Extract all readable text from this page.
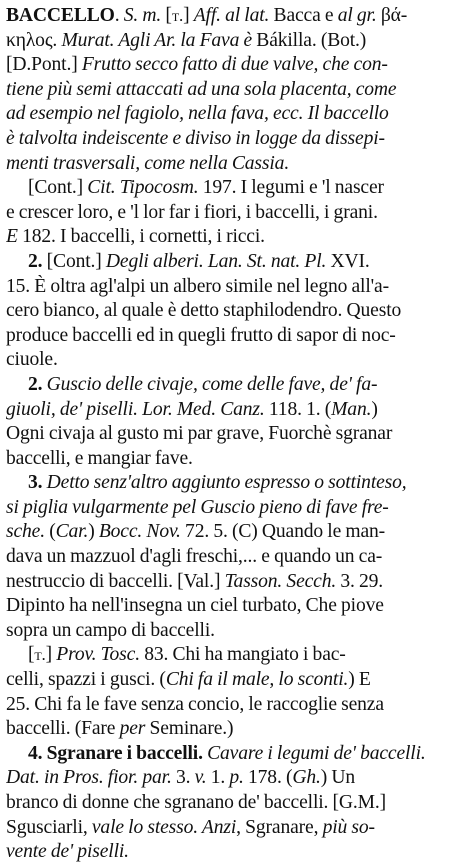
BACCELLO. S. m. [t.] Aff. al lat. Bacca e al gr. βά-
κηλος. Murat. Agli Ar. la Fava è Bákilla. (Bot.)
[D.Pont.] Frutto secco fatto di due valve, che con-
tiene più semi attaccati ad una sola placenta, come
ad esempio nel fagiolo, nella fava, ecc. Il baccello
è talvolta indeiscente e diviso in logge da dissepi-
menti trasversali, come nella Cassia.
[Cont.] Cit. Tipocosm. 197. I legumi e 'l nascer
e crescer loro, e 'l lor far i fiori, i baccelli, i grani.
E 182. I baccelli, i cornetti, i ricci.
2. [Cont.] Degli alberi. Lan. St. nat. Pl. XVI.
15. È oltra agl'alpi un albero simile nel legno all'a-
cero bianco, al quale è detto staphilodendro. Questo
produce baccelli ed in quegli frutto di sapor di noc-
ciuole.
2. Guscio delle civaje, come delle fave, de' fa-
giuoli, de' piselli. Lor. Med. Canz. 118. 1. (Man.)
Ogni civaja al gusto mi par grave, Fuorchè sgranar
baccelli, e mangiar fave.
3. Detto senz'altro aggiunto espresso o sottinteso,
si piglia vulgarmente pel Guscio pieno di fave fre-
sche. (Car.) Bocc. Nov. 72. 5. (C) Quando le man-
dava un mazzuol d'agli freschi,... e quando un ca-
nestruccio di baccelli. [Val.] Tasson. Secch. 3. 29.
Dipinto ha nell'insegna un ciel turbato, Che piove
sopra un campo di baccelli.
[t.] Prov. Tosc. 83. Chi ha mangiato i bac-
celli, spazzi i gusci. (Chi fa il male, lo sconti.) E
25. Chi fa le fave senza concio, le raccoglie senza
baccelli. (Fare per Seminare.)
4. Sgranare i baccelli. Cavare i legumi de' baccelli.
Dat. in Pros. fior. par. 3. v. 1. p. 178. (Gh.) Un
branco di donne che sgranano de' baccelli. [G.M.]
Sgusciarli, vale lo stesso. Anzi, Sgranare, più so-
vente de' piselli.
